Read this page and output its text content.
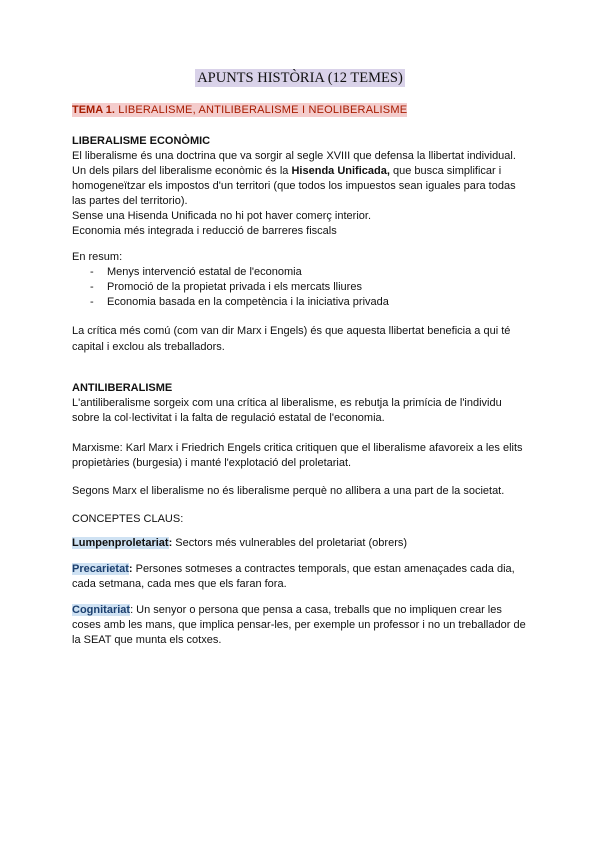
APUNTS HISTÒRIA (12 TEMES)
TEMA 1. LIBERALISME, ANTILIBERALISME I NEOLIBERALISME

LIBERALISME ECONÒMIC

El liberalisme és una doctrina que va sorgir al segle XVIII que defensa la llibertat individual.

Un dels pilars del liberalisme econòmic és la Hisenda Unificada, que busca simplificar i homogeneïtzar els impostos d'un territori (que todos los impuestos sean iguales para todas las partes del territorio).

Sense una Hisenda Unificada no hi pot haver comerç interior.

Economia més integrada i reducció de barreres fiscals

En resum:

- Menys intervenció estatal de l'economia
- Promoció de la propietat privada i els mercats lliures
- Economia basada en la competència i la iniciativa privada

La crítica més comú (com van dir Marx i Engels) és que aquesta llibertat beneficia a qui té capital i exclou als treballadors.

ANTILIBERALISME

L'antiliberalisme sorgeix com una crítica al liberalisme, es rebutja la primícia de l'individu sobre la col·lectivitat i la falta de regulació estatal de l'economia.

Marxisme: Karl Marx i Friedrich Engels critica critiquen que el liberalisme afavoreix a les elits propietàries (burgesia) i manté l'explotació del proletariat.

Segons Marx el liberalisme no és liberalisme perquè no allibera a una part de la societat.

CONCEPTES CLAUS:

Lumpenproletariat: Sectors més vulnerables del proletariat (obrers)

Precarietat: Persones sotmeses a contractes temporals, que estan amenaçades cada dia, cada setmana, cada mes que els faran fora.

Cognitariat: Un senyor o persona que pensa a casa, treballs que no impliquen crear les coses amb les mans, que implica pensar-les, per exemple un professor i no un treballador de la SEAT que munta els cotxes.
